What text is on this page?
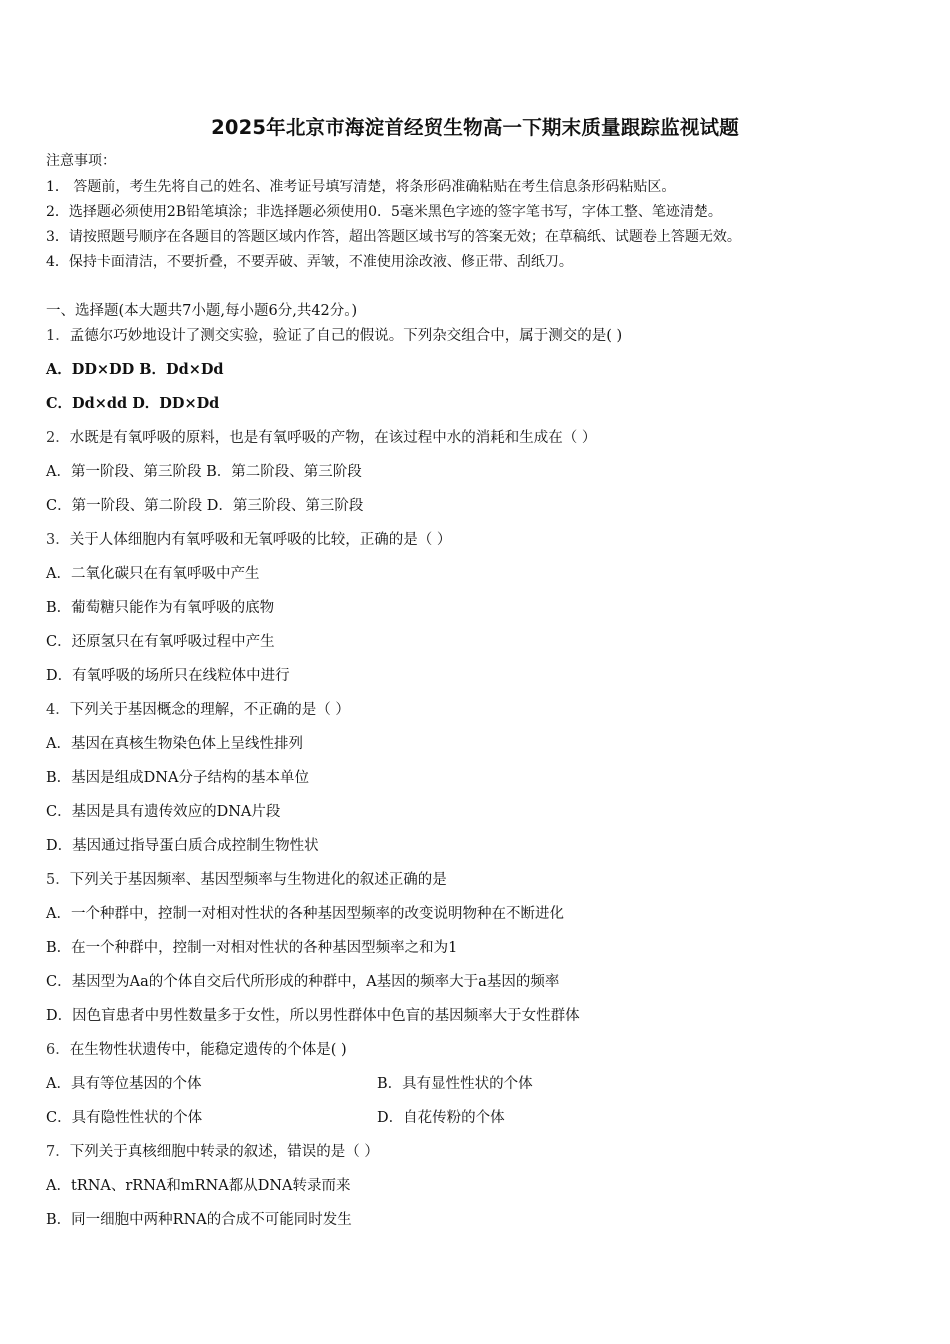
2025年北京市海淀首经贸生物高一下期末质量跟踪监视试题
注意事项：
1． 答题前，考生先将自己的姓名、准考证号填写清楚，将条形码准确粘贴在考生信息条形码粘贴区。
2．选择题必须使用2B铅笔填涂；非选择题必须使用0．5毫米黑色字迹的签字笔书写，字体工整、笔迹清楚。
3．请按照题号顺序在各题目的答题区域内作答，超出答题区域书写的答案无效；在草稿纸、试题卷上答题无效。
4．保持卡面清洁，不要折叠，不要弄破、弄皱，不准使用涂改液、修正带、刮纸刀。
一、选择题(本大题共7小题,每小题6分,共42分。)
1．孟德尔巧妙地设计了测交实验，验证了自己的假说。下列杂交组合中，属于测交的是( )
A．DD×DD B．Dd×Dd
C．Dd×dd D．DD×Dd
2．水既是有氧呼吸的原料，也是有氧呼吸的产物，在该过程中水的消耗和生成在（ ）
A．第一阶段、第三阶段 B．第二阶段、第三阶段
C．第一阶段、第二阶段 D．第三阶段、第三阶段
3．关于人体细胞内有氧呼吸和无氧呼吸的比较，正确的是（ ）
A．二氧化碳只在有氧呼吸中产生
B．葡萄糖只能作为有氧呼吸的底物
C．还原氢只在有氧呼吸过程中产生
D．有氧呼吸的场所只在线粒体中进行
4．下列关于基因概念的理解，不正确的是（ ）
A．基因在真核生物染色体上呈线性排列
B．基因是组成DNA分子结构的基本单位
C．基因是具有遗传效应的DNA片段
D．基因通过指导蛋白质合成控制生物性状
5．下列关于基因频率、基因型频率与生物进化的叙述正确的是
A．一个种群中，控制一对相对性状的各种基因型频率的改变说明物种在不断进化
B．在一个种群中，控制一对相对性状的各种基因型频率之和为1
C．基因型为Aa的个体自交后代所形成的种群中，A基因的频率大于a基因的频率
D．因色盲患者中男性数量多于女性，所以男性群体中色盲的基因频率大于女性群体
6．在生物性状遗传中，能稳定遗传的个体是( )
A．具有等位基因的个体	B．具有显性性状的个体
C．具有隐性性状的个体	D．自花传粉的个体
7．下列关于真核细胞中转录的叙述，错误的是（ ）
A．tRNA、rRNA和mRNA都从DNA转录而来
B．同一细胞中两种RNA的合成不可能同时发生
